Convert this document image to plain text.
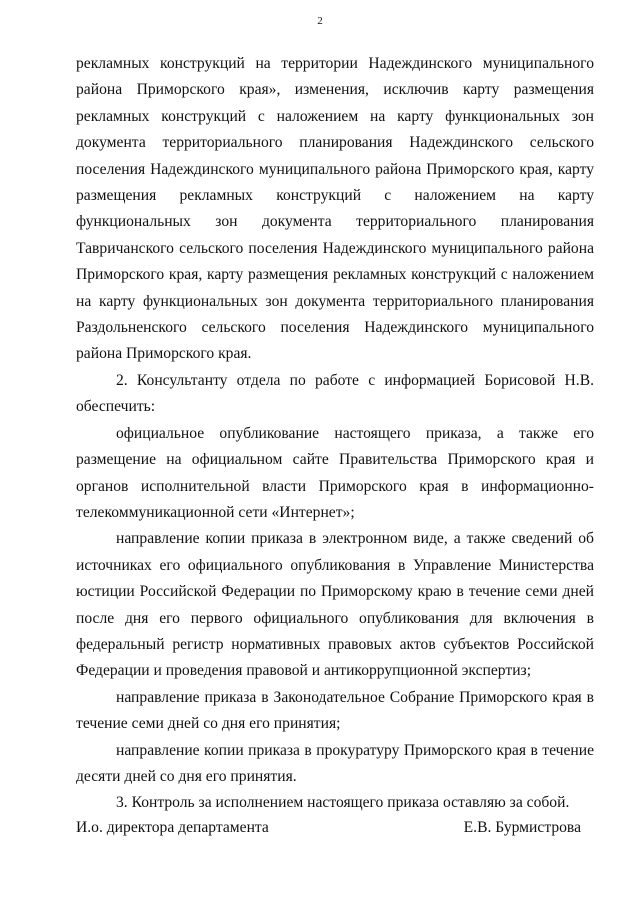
2

рекламных конструкций на территории Надеждинского муниципального района Приморского края», изменения, исключив карту размещения рекламных конструкций с наложением на карту функциональных зон документа территориального планирования Надеждинского сельского поселения Надеждинского муниципального района Приморского края, карту размещения рекламных конструкций с наложением на карту функциональных зон документа территориального планирования Тавричанского сельского поселения Надеждинского муниципального района Приморского края, карту размещения рекламных конструкций с наложением на карту функциональных зон документа территориального планирования Раздольненского сельского поселения Надеждинского муниципального района Приморского края.

2. Консультанту отдела по работе с информацией Борисовой Н.В. обеспечить:

официальное опубликование настоящего приказа, а также его размещение на официальном сайте Правительства Приморского края и органов исполнительной власти Приморского края в информационно-телекоммуникационной сети «Интернет»;

направление копии приказа в электронном виде, а также сведений об источниках его официального опубликования в Управление Министерства юстиции Российской Федерации по Приморскому краю в течение семи дней после дня его первого официального опубликования для включения в федеральный регистр нормативных правовых актов субъектов Российской Федерации и проведения правовой и антикоррупционной экспертиз;

направление приказа в Законодательное Собрание Приморского края в течение семи дней со дня его принятия;

направление копии приказа в прокуратуру Приморского края в течение десяти дней со дня его принятия.

3. Контроль за исполнением настоящего приказа оставляю за собой.

И.о. директора департамента	Е.В. Бурмистрова
